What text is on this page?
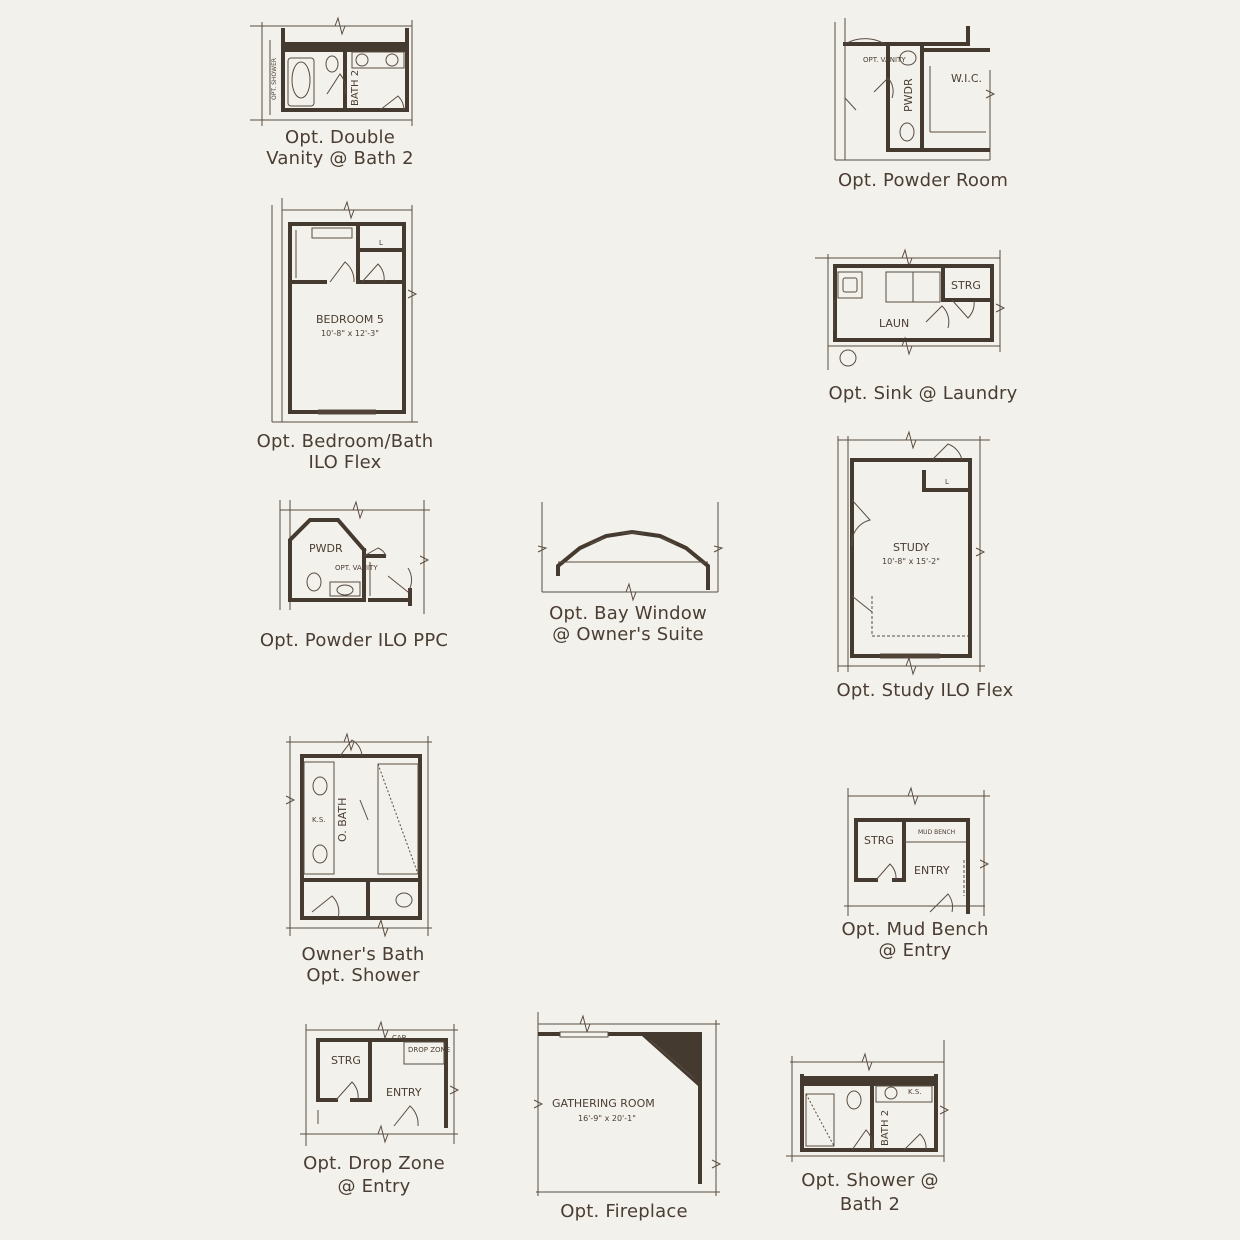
BATH 2
OPT. SHOWER	OPT. VANITY
PWDR	W.I.C.
L
BEDROOM 5
10'-8" x 12'-3"
STRG
LAUN
PWDR
OPT. VANITY
L
STUDY
10'-8" x 15'-2"
K.S. O. BATH	STRG
MUD BENCH
ENTRY
STRG
CAB
DROP ZONE
ENTRY
GATHERING ROOM
16'-9" x 20'-1"
K.S.
BATH 2
Opt. Double
Vanity @ Bath 2
Opt. Powder Room
Opt. Bedroom/Bath
ILO Flex
Opt. Sink @ Laundry
Opt. Powder ILO PPC
Opt. Bay Window
@ Owner's Suite
Opt. Study ILO Flex
Owner's Bath
Opt. Shower
Opt. Mud Bench
@ Entry
Opt. Drop Zone
@ Entry
Opt. Fireplace
Opt. Shower @
Bath 2
